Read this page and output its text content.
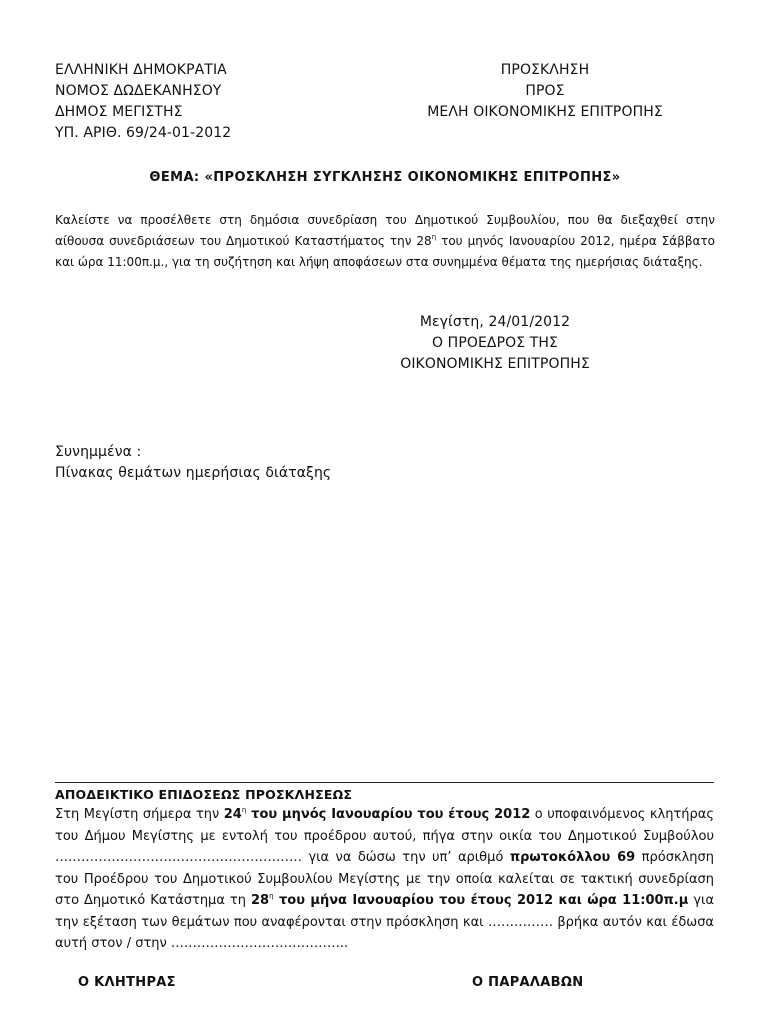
ΕΛΛΗΝΙΚΗ ΔΗΜΟΚΡΑΤΙΑ
ΝΟΜΟΣ ΔΩΔΕΚΑΝΗΣΟΥ
ΔΗΜΟΣ ΜΕΓΙΣΤΗΣ
ΥΠ. ΑΡΙΘ. 69/24-01-2012
ΠΡΟΣΚΛΗΣΗ
ΠΡΟΣ
ΜΕΛΗ ΟΙΚΟΝΟΜΙΚΗΣ ΕΠΙΤΡΟΠΗΣ
ΘΕΜΑ: «ΠΡΟΣΚΛΗΣΗ ΣΥΓΚΛΗΣΗΣ ΟΙΚΟΝΟΜΙΚΗΣ ΕΠΙΤΡΟΠΗΣ»
Καλείστε να προσέλθετε στη δημόσια συνεδρίαση του Δημοτικού Συμβουλίου, που θα διεξαχθεί στην αίθουσα συνεδριάσεων του Δημοτικού Καταστήματος την $28^\eta$ του μηνός Ιανουαρίου 2012, ημέρα Σάββατο και ώρα 11:00π.μ., για τη συζήτηση και λήψη αποφάσεων στα συνημμένα θέματα της ημερήσιας διάταξης.
Μεγίστη, 24/01/2012
Ο ΠΡΟΕΔΡΟΣ ΤΗΣ
ΟΙΚΟΝΟΜΙΚΗΣ ΕΠΙΤΡΟΠΗΣ
Συνημμένα :
Πίνακας θεμάτων ημερήσιας διάταξης
ΑΠΟΔΕΙΚΤΙΚΟ ΕΠΙΔΟΣΕΩΣ ΠΡΟΣΚΛΗΣΕΩΣ
Στη Μεγίστη σήμερα την $24^\eta$ του μηνός Ιανουαρίου του έτους 2012 ο υποφαινόμενος κλητήρας του Δήμου Μεγίστης με εντολή του προέδρου αυτού, πήγα στην οικία του Δημοτικού Συμβούλου ………………………………………………… για να δώσω την υπ’ αριθμό πρωτοκόλλου 69 πρόσκληση του Προέδρου του Δημοτικού Συμβουλίου Μεγίστης με την οποία καλείται σε τακτική συνεδρίαση στο Δημοτικό Κατάστημα τη $28^\eta$ του μήνα Ιανουαρίου του έτους 2012 και ώρα 11:00π.μ για την εξέταση των θεμάτων που αναφέρονται στην πρόσκληση και …………… βρήκα αυτόν και έδωσα αυτή στον / στην …………………………………..
Ο ΚΛΗΤΗΡΑΣ	Ο ΠΑΡΑΛΑΒΩΝ
